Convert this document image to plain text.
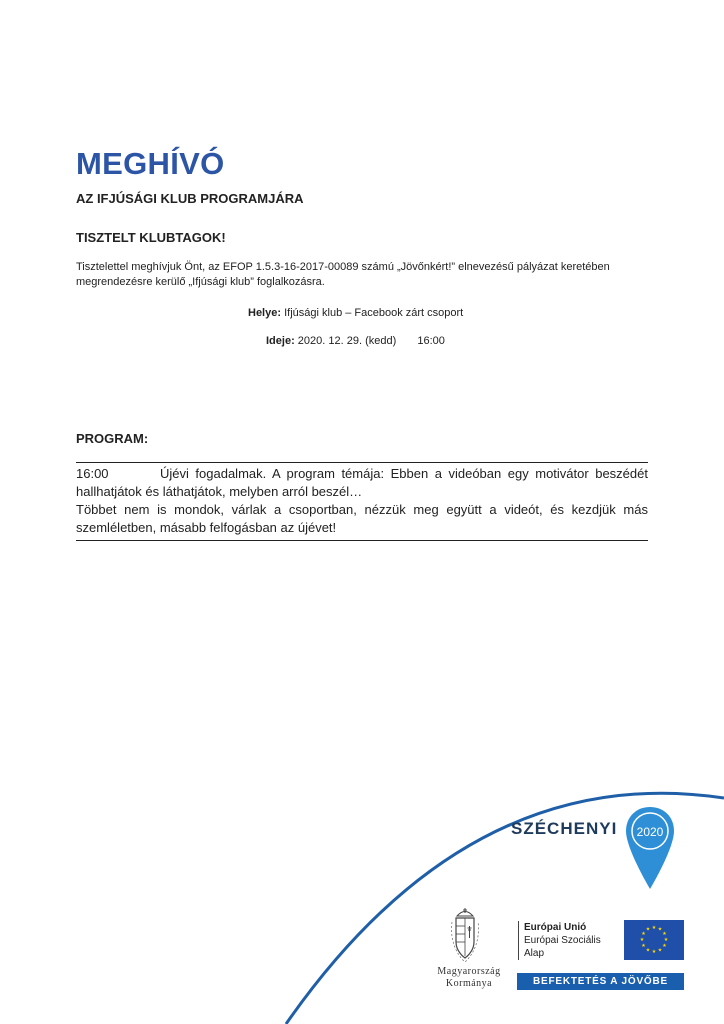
MEGHÍVÓ
AZ IFJÚSÁGI KLUB PROGRAMJÁRA
TISZTELT KLUBTAGOK!
Tisztelettel meghívjuk Önt, az EFOP 1.5.3-16-2017-00089 számú „Jövőnkért!” elnevezésű pályázat keretében megrendezésre kerülő „Ifjúsági klub” foglalkozásra.
Helye: Ifjúsági klub – Facebook zárt csoport
Ideje: 2020. 12. 29. (kedd) 16:00
PROGRAM:
16:00	Újévi fogadalmak. A program témája: Ebben a videóban egy motivátor beszédét hallhatjátok és láthatjátok, melyben arról beszél…
Többet nem is mondok, várlak a csoportban, nézzük meg együtt a videót, és kezdjük más szemléletben, másabb felfogásban az újévet!
SZÉCHENYI 2020
Magyarország
Kormánya
Európai Unió
Európai Szociális
Alap
★ ★
★
★
★
★
★
★
★
★
★
★
BEFEKTETÉS A JÖVŐBE
